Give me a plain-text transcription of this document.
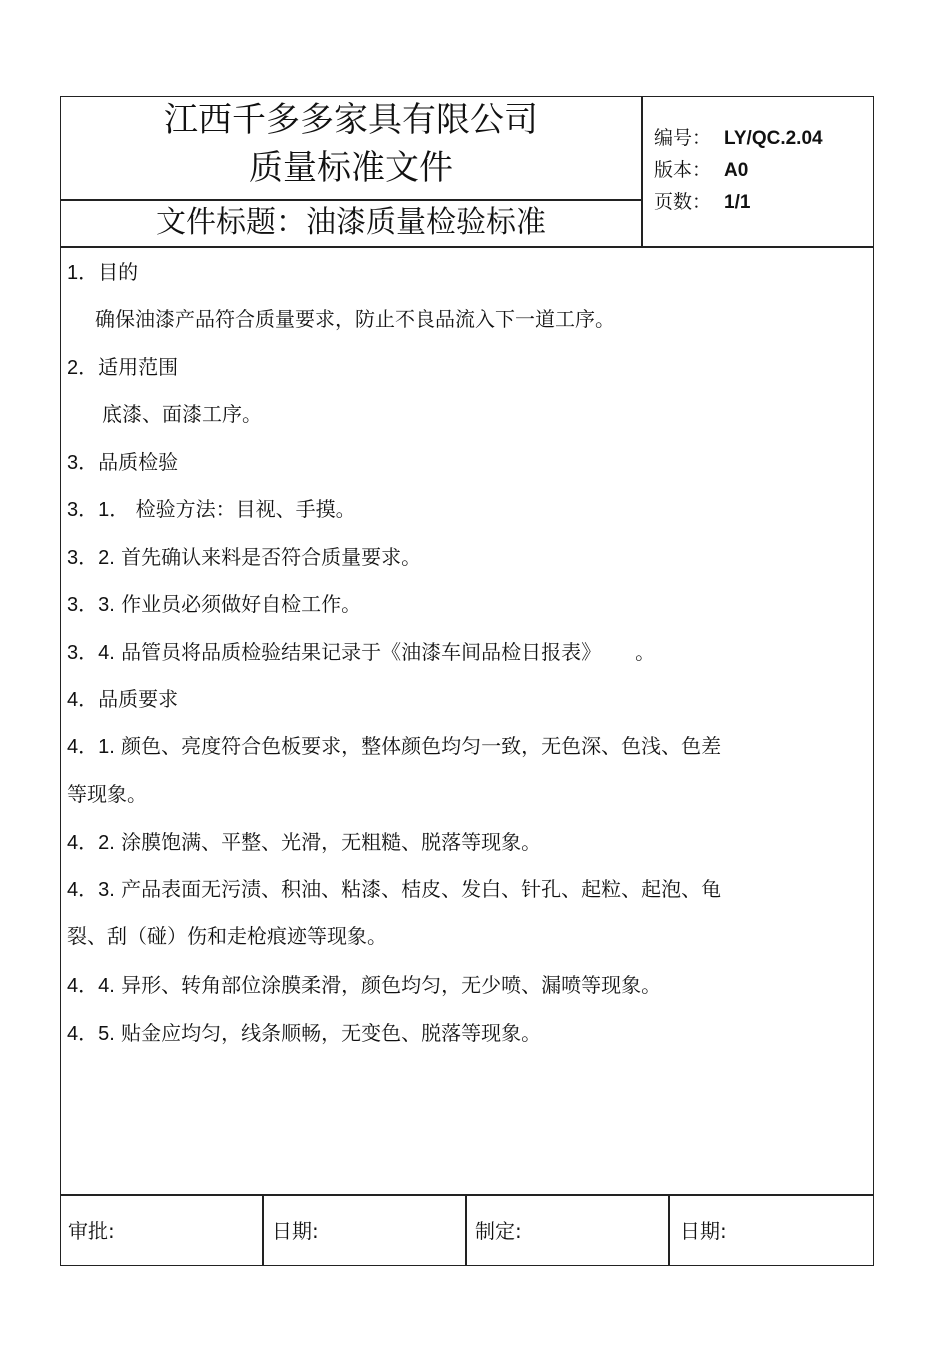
江西千多多家具有限公司
质量标准文件
文件标题：油漆质量检验标准
编号： LY/QC.2.04
版本： A0
页数： 1/1
1．目的
确保油漆产品符合质量要求，防止不良品流入下一道工序。
2．适用范围
底漆、面漆工序。
3．品质检验
3．1． 检验方法：目视、手摸。
3．2. 首先确认来料是否符合质量要求。
3．3. 作业员必须做好自检工作。
3．4. 品管员将品质检验结果记录于《油漆车间品检日报表》 。
4．品质要求
4．1. 颜色、亮度符合色板要求，整体颜色均匀一致，无色深、色浅、色差
等现象。
4．2. 涂膜饱满、平整、光滑，无粗糙、脱落等现象。
4．3. 产品表面无污渍、积油、粘漆、桔皮、发白、针孔、起粒、起泡、龟
裂、刮（碰）伤和走枪痕迹等现象。
4．4. 异形、转角部位涂膜柔滑，颜色均匀，无少喷、漏喷等现象。
4．5. 贴金应均匀，线条顺畅，无变色、脱落等现象。
审批:	日期:	制定:	日期:
